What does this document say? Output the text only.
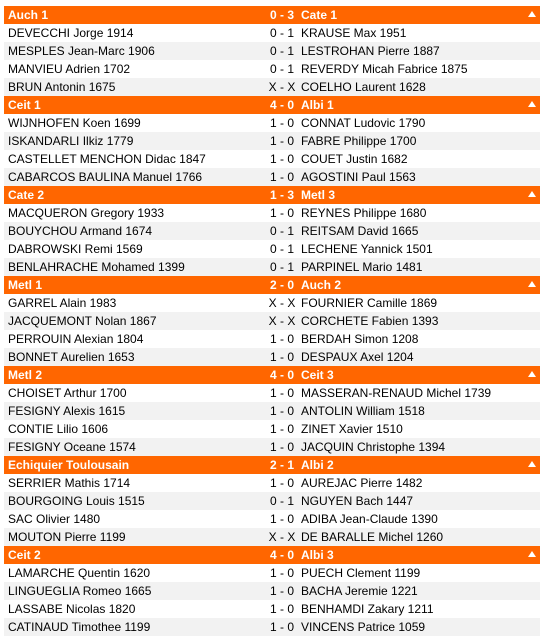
Auch 1	0 - 3 Cate 1
DEVECCHI Jorge 1914	0 - 1 KRAUSE Max 1951
MESPLES Jean-Marc 1906	0 - 1 LESTROHAN Pierre 1887
MANVIEU Adrien 1702	0 - 1 REVERDY Micah Fabrice 1875
BRUN Antonin 1675	X - X COELHO Laurent 1628
Ceit 1	4 - 0 Albi 1
WIJNHOFEN Koen 1699	1 - 0 CONNAT Ludovic 1790
ISKANDARLI Ilkiz 1779	1 - 0 FABRE Philippe 1700
CASTELLET MENCHON Didac 1847	1 - 0 COUET Justin 1682
CABARCOS BAULINA Manuel 1766	1 - 0 AGOSTINI Paul 1563
Cate 2	1 - 3 Metl 3
MACQUERON Gregory 1933	1 - 0 REYNES Philippe 1680
BOUYCHOU Armand 1674	0 - 1 REITSAM David 1665
DABROWSKI Remi 1569	0 - 1 LECHENE Yannick 1501
BENLAHRACHE Mohamed 1399	0 - 1 PARPINEL Mario 1481
Metl 1	2 - 0 Auch 2
GARREL Alain 1983	X - X FOURNIER Camille 1869
JACQUEMONT Nolan 1867	X - X CORCHETE Fabien 1393
PERROUIN Alexian 1804	1 - 0 BERDAH Simon 1208
BONNET Aurelien 1653	1 - 0 DESPAUX Axel 1204
Metl 2	4 - 0 Ceit 3
CHOISET Arthur 1700	1 - 0 MASSERAN-RENAUD Michel 1739
FESIGNY Alexis 1615	1 - 0 ANTOLIN William 1518
CONTIE Lilio 1606	1 - 0 ZINET Xavier 1510
FESIGNY Oceane 1574	1 - 0 JACQUIN Christophe 1394
Echiquier Toulousain	2 - 1 Albi 2
SERRIER Mathis 1714	1 - 0 AUREJAC Pierre 1482
BOURGOING Louis 1515	0 - 1 NGUYEN Bach 1447
SAC Olivier 1480	1 - 0 ADIBA Jean-Claude 1390
MOUTON Pierre 1199	X - X DE BARALLE Michel 1260
Ceit 2	4 - 0 Albi 3
LAMARCHE Quentin 1620	1 - 0 PUECH Clement 1199
LINGUEGLIA Romeo 1665	1 - 0 BACHA Jeremie 1221
LASSABE Nicolas 1820	1 - 0 BENHAMDI Zakary 1211
CATINAUD Timothee 1199	1 - 0 VINCENS Patrice 1059
